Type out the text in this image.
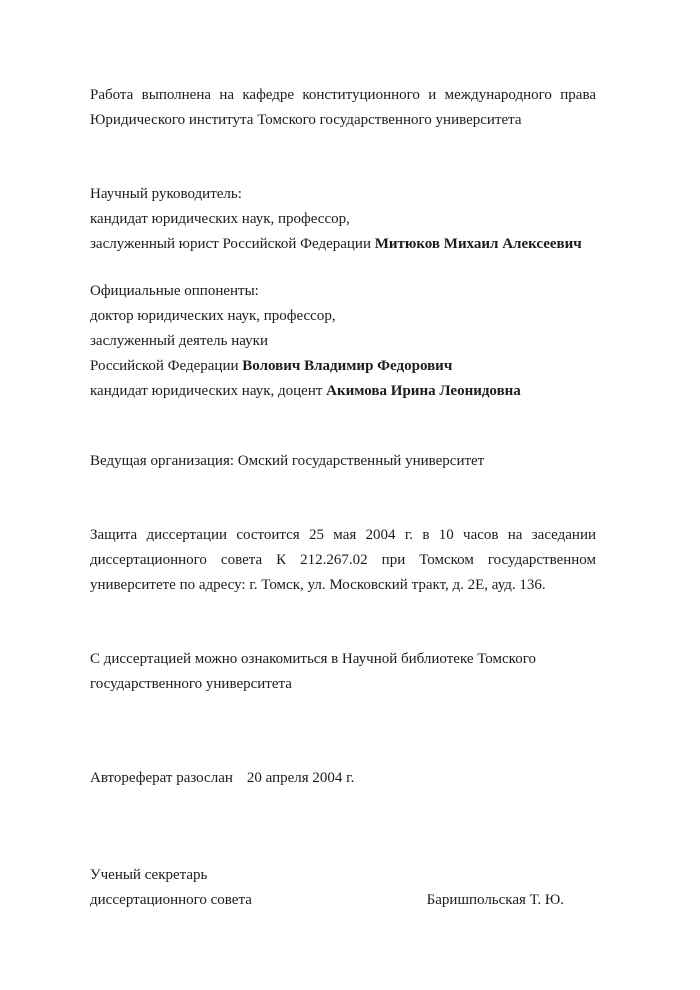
Работа выполнена на кафедре конституционного и международного права
Юридического института Томского государственного университета
Научный руководитель:
кандидат юридических наук, профессор,
заслуженный юрист Российской Федерации Митюков Михаил Алексеевич
Официальные оппоненты:
доктор юридических наук, профессор,
заслуженный деятель науки
Российской Федерации Волович Владимир Федорович
кандидат юридических наук, доцент Акимова Ирина Леонидовна
Ведущая организация: Омский государственный университет
Защита диссертации состоится 25 мая 2004 г. в 10 часов на заседании
диссертационного совета К 212.267.02 при Томском государственном
университете по адресу: г. Томск, ул. Московский тракт, д. 2Е, ауд. 136.
С диссертацией можно ознакомиться в Научной библиотеке Томского
государственного университета
Автореферат разослан 20 апреля 2004 г.
Ученый секретарь
диссертационного совета	Баришпольская Т. Ю.
